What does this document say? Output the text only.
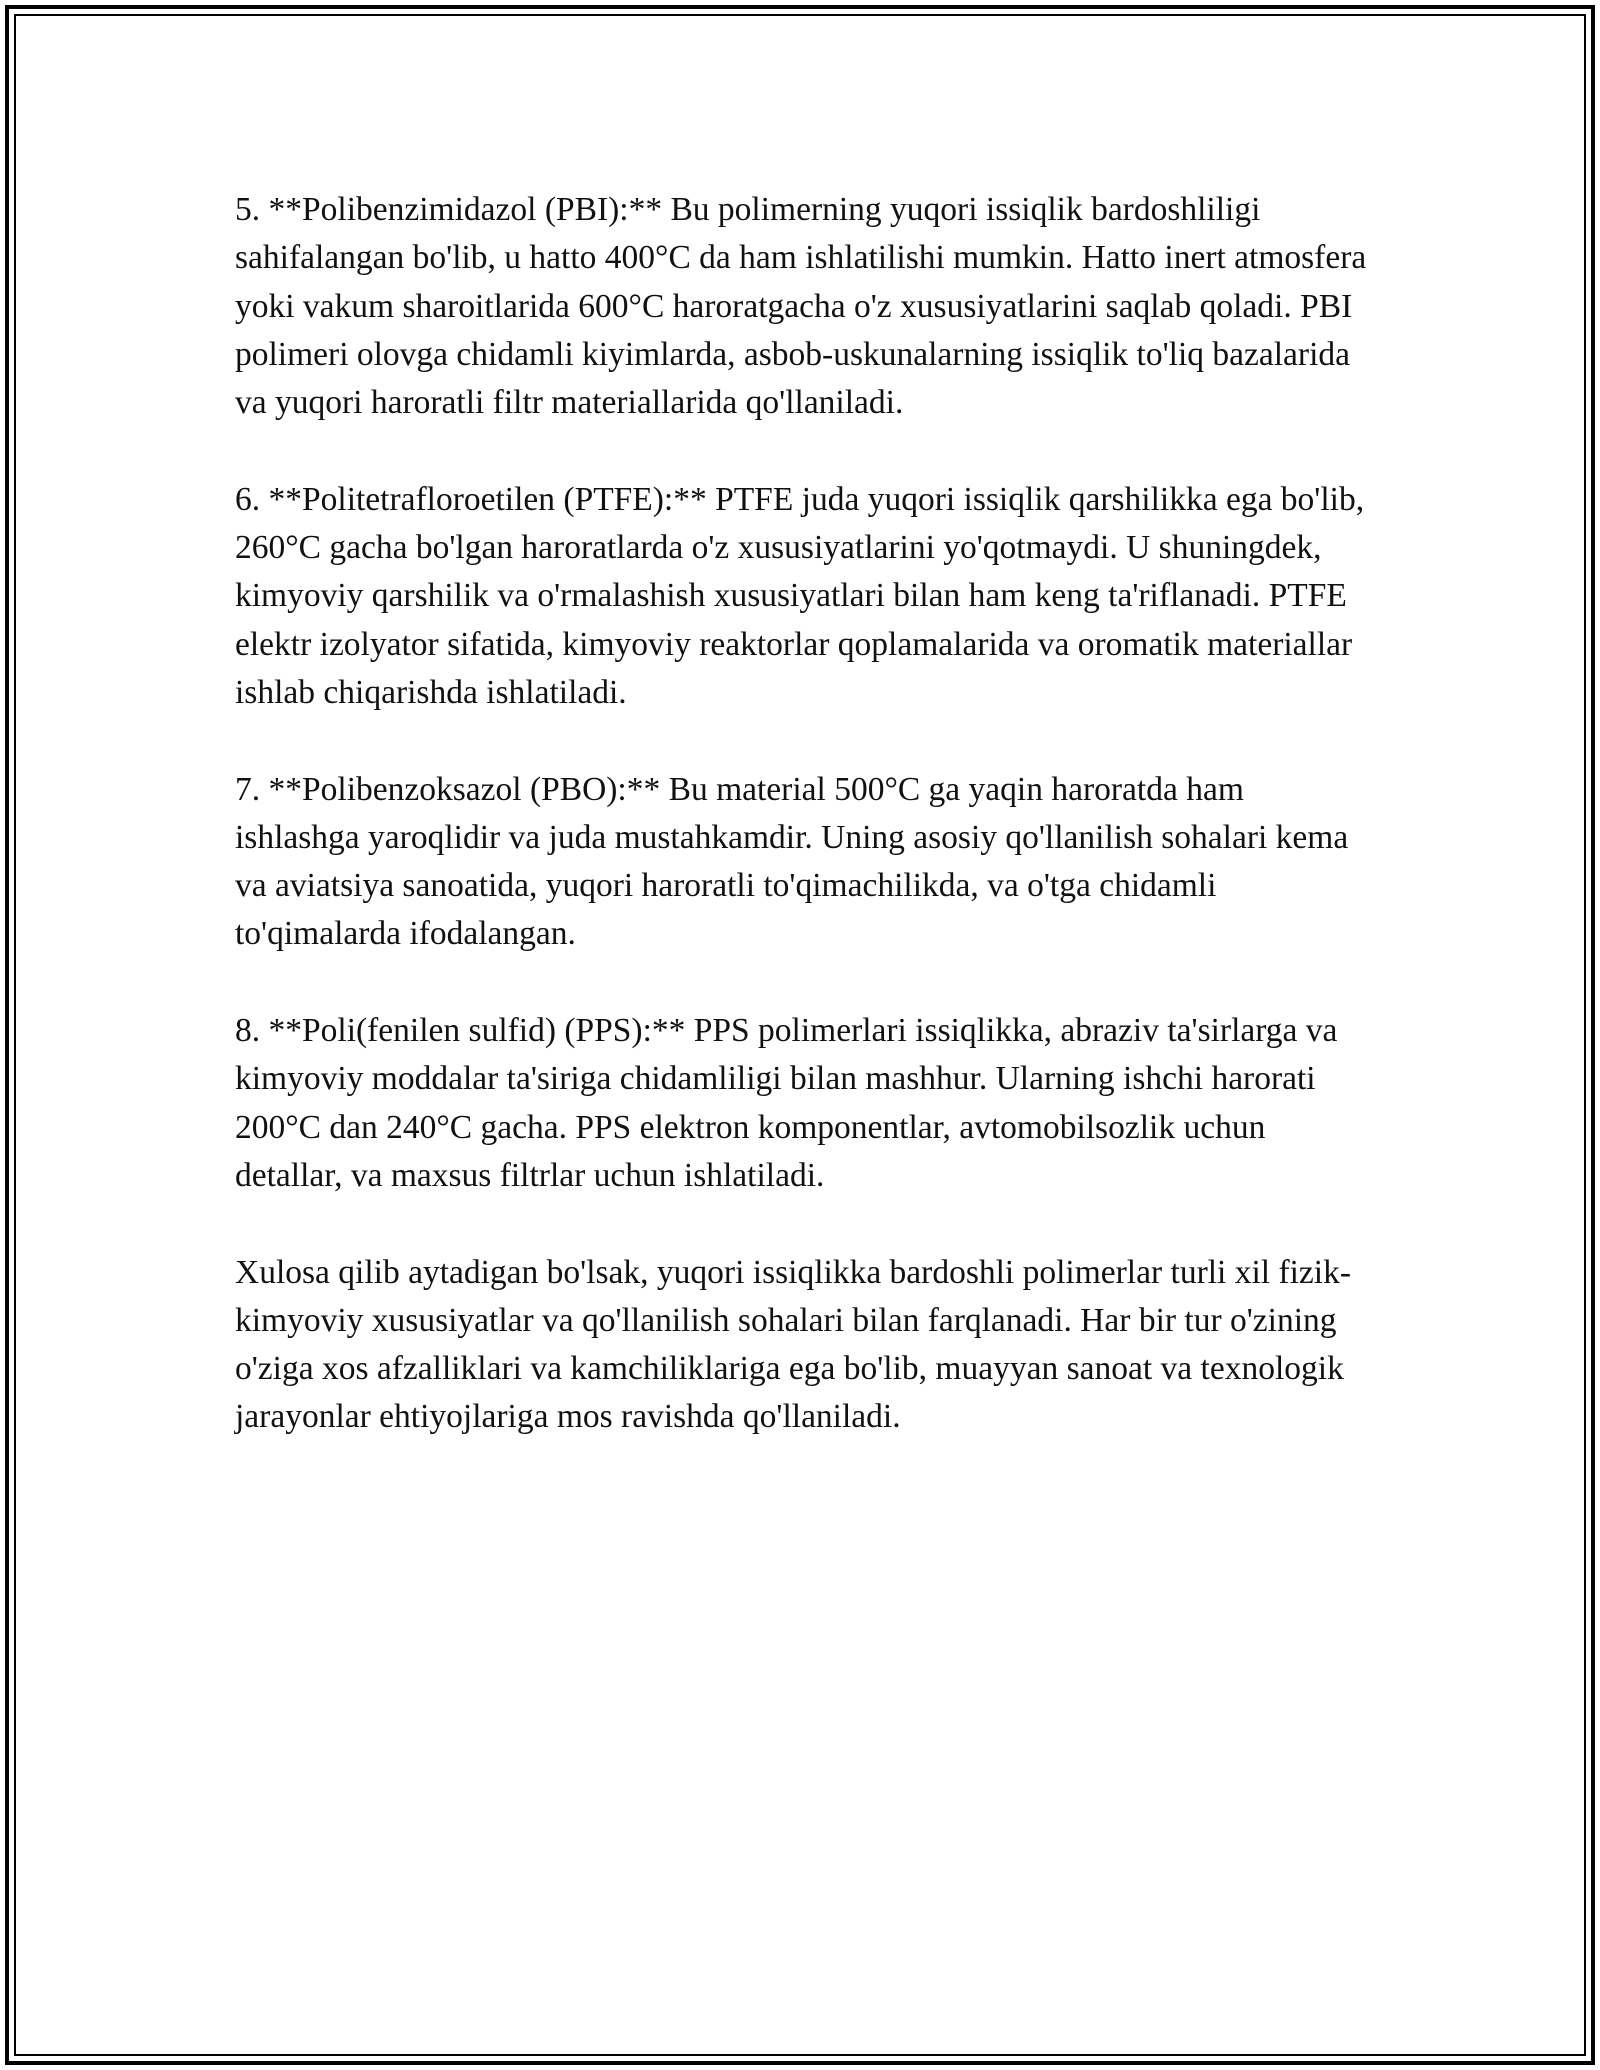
5. **Polibenzimidazol (PBI):** Bu polimerning yuqori issiqlik bardoshliligi sahifalangan bo'lib, u hatto 400°C da ham ishlatilishi mumkin. Hatto inert atmosfera yoki vakum sharoitlarida 600°C haroratgacha o'z xususiyatlarini saqlab qoladi. PBI polimeri olovga chidamli kiyimlarda, asbob-uskunalarning issiqlik to'liq bazalarida va yuqori haroratli filtr materiallarida qo'llaniladi.

6. **Politetrafloroetilen (PTFE):** PTFE juda yuqori issiqlik qarshilikka ega bo'lib, 260°C gacha bo'lgan haroratlarda o'z xususiyatlarini yo'qotmaydi. U shuningdek, kimyoviy qarshilik va o'rmalashish xususiyatlari bilan ham keng ta'riflanadi. PTFE elektr izolyator sifatida, kimyoviy reaktorlar qoplamalarida va oromatik materiallar ishlab chiqarishda ishlatiladi.

7. **Polibenzoksazol (PBO):** Bu material 500°C ga yaqin haroratda ham ishlashga yaroqlidir va juda mustahkamdir. Uning asosiy qo'llanilish sohalari kema va aviatsiya sanoatida, yuqori haroratli to'qimachilikda, va o'tga chidamli to'qimalarda ifodalangan.

8. **Poli(fenilen sulfid) (PPS):** PPS polimerlari issiqlikka, abraziv ta'sirlarga va kimyoviy moddalar ta'siriga chidamliligi bilan mashhur. Ularning ishchi harorati 200°C dan 240°C gacha. PPS elektron komponentlar, avtomobilsozlik uchun detallar, va maxsus filtrlar uchun ishlatiladi.

Xulosa qilib aytadigan bo'lsak, yuqori issiqlikka bardoshli polimerlar turli xil fizik-kimyoviy xususiyatlar va qo'llanilish sohalari bilan farqlanadi. Har bir tur o'zining o'ziga xos afzalliklari va kamchiliklariga ega bo'lib, muayyan sanoat va texnologik jarayonlar ehtiyojlariga mos ravishda qo'llaniladi.
